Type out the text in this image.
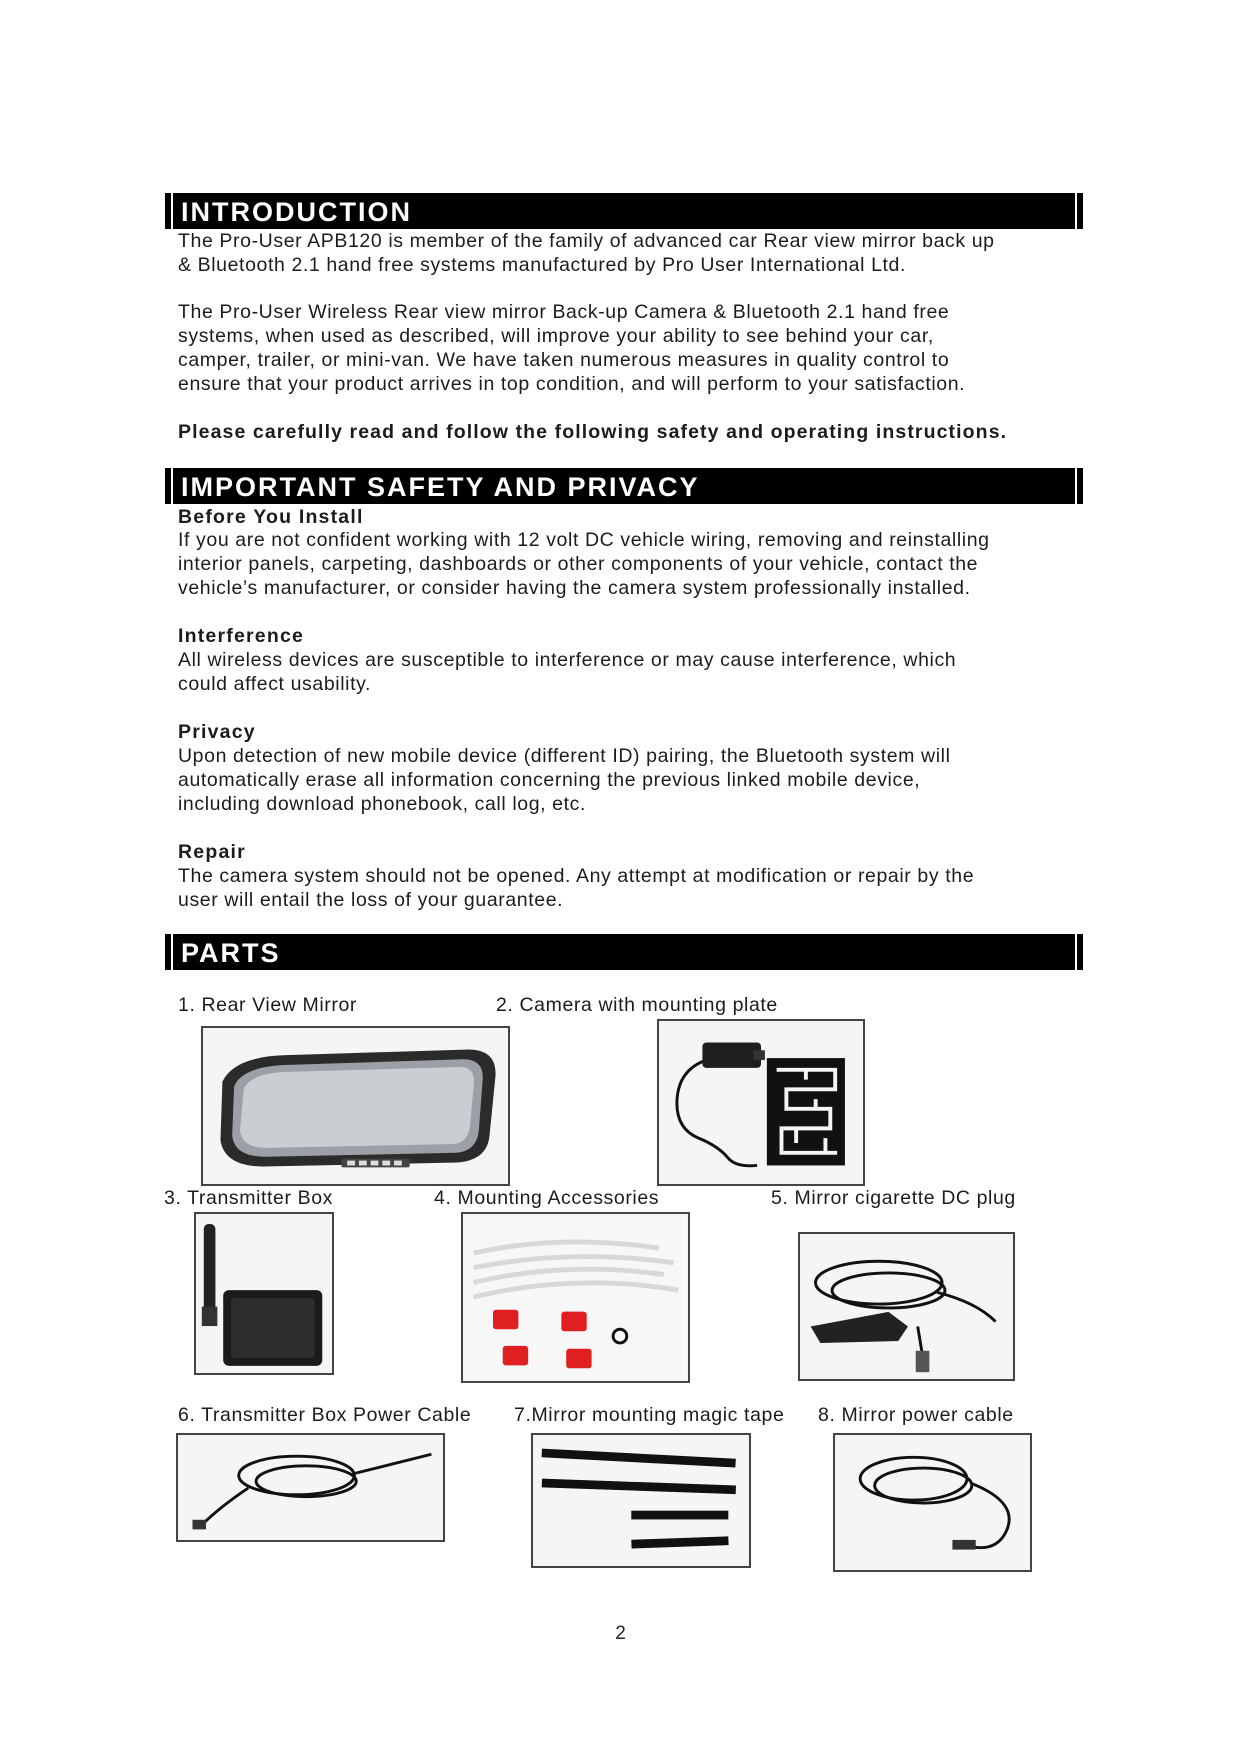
INTRODUCTION
The Pro-User APB120 is member of the family of advanced car Rear view mirror back up
& Bluetooth 2.1 hand free systems manufactured by Pro User International Ltd.
The Pro-User Wireless Rear view mirror Back-up Camera & Bluetooth 2.1 hand free
systems, when used as described, will improve your ability to see behind your car,
camper, trailer, or mini-van. We have taken numerous measures in quality control to
ensure that your product arrives in top condition, and will perform to your satisfaction.
Please carefully read and follow the following safety and operating instructions.
IMPORTANT SAFETY AND PRIVACY
Before You Install
If you are not confident working with 12 volt DC vehicle wiring, removing and reinstalling
interior panels, carpeting, dashboards or other components of your vehicle, contact the
vehicle’s manufacturer, or consider having the camera system professionally installed.
Interference
All wireless devices are susceptible to interference or may cause interference, which
could affect usability.
Privacy
Upon detection of new mobile device (different ID) pairing, the Bluetooth system will
automatically erase all information concerning the previous linked mobile device,
including download phonebook, call log, etc.
Repair
The camera system should not be opened. Any attempt at modification or repair by the
user will entail the loss of your guarantee.
PARTS
1. Rear View Mirror	2. Camera with mounting plate
3. Transmitter Box	4. Mounting Accessories	5. Mirror cigarette DC plug
6. Transmitter Box Power Cable 7.Mirror mounting magic tape 8. Mirror power cable
2
